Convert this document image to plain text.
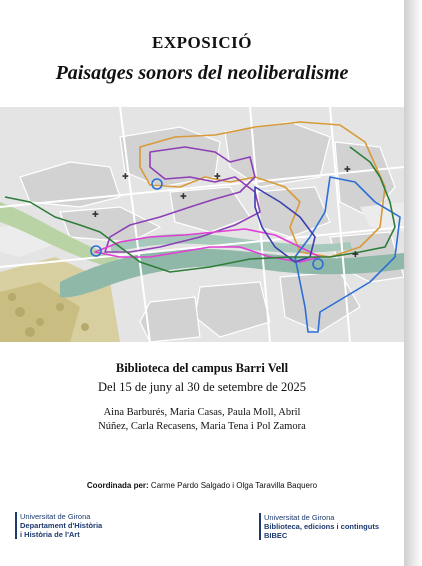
EXPOSICIÓ
Paisatges sonors del neoliberalisme
✚
✚
✚
✚
✚
✚
Biblioteca del campus Barri Vell
Del 15 de juny al 30 de setembre de 2025
Aina Barburés, Maria Casas, Paula Moll, Abril
Núñez, Carla Recasens, Maria Tena i Pol Zamora
Coordinada per: Carme Pardo Salgado i Olga Taravilla Baquero
Universitat de Girona
Departament d'Història
i Història de l'Art
Universitat de Girona
Biblioteca, edicions i continguts
BIBEC
